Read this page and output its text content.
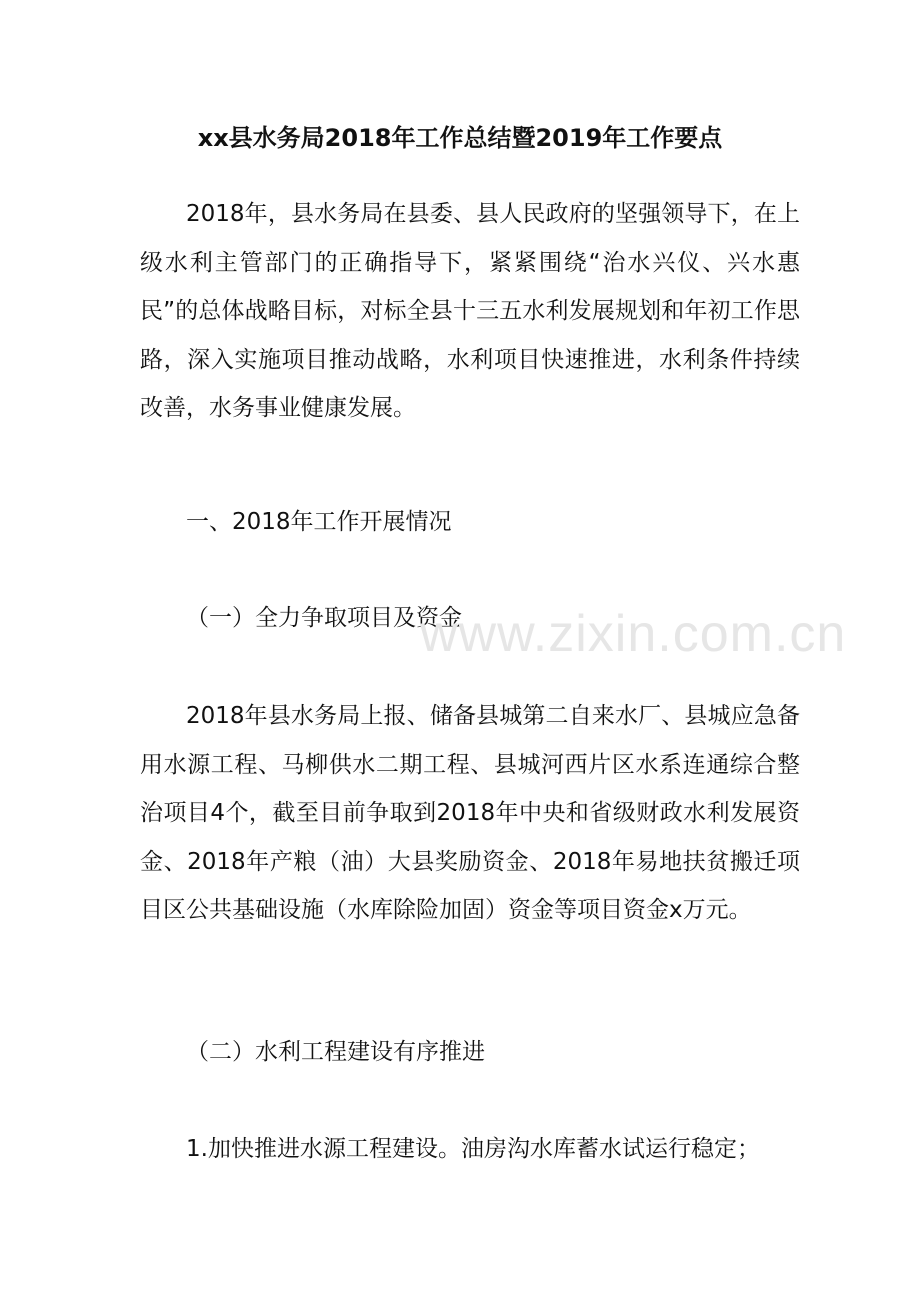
xx县水务局2018年工作总结暨2019年工作要点

2018年，县水务局在县委、县人民政府的坚强领导下，在上级水利主管部门的正确指导下，紧紧围绕“治水兴仪、兴水惠民”的总体战略目标，对标全县十三五水利发展规划和年初工作思路，深入实施项目推动战略，水利项目快速推进，水利条件持续改善，水务事业健康发展。

一、2018年工作开展情况

（一）全力争取项目及资金

www.zixin.com.cn

2018年县水务局上报、储备县城第二自来水厂、县城应急备用水源工程、马柳供水二期工程、县城河西片区水系连通综合整治项目4个，截至目前争取到2018年中央和省级财政水利发展资金、2018年产粮（油）大县奖励资金、2018年易地扶贫搬迁项目区公共基础设施（水库除险加固）资金等项目资金x万元。

（二）水利工程建设有序推进

1.加快推进水源工程建设。油房沟水库蓄水试运行稳定；
